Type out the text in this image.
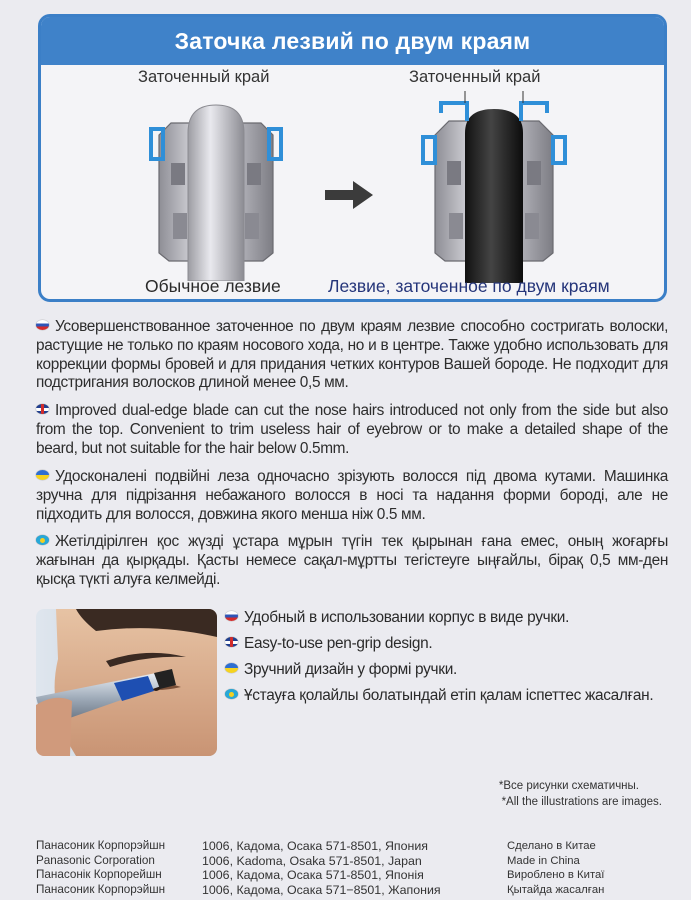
Заточка лезвий по двум краям
Заточенный край	Заточенный край
Обычное лезвие	Лезвие, заточенное по двум краям

Усовершенствованное заточенное по двум краям лезвие способно состригать волоски, растущие не только по краям носового хода, но и в центре. Также удобно использовать для коррекции формы бровей и для придания четких контуров Вашей бороде. Не подходит для подстригания волосков длиной менее 0,5 мм.

Improved dual-edge blade can cut the nose hairs introduced not only from the side but also from the top. Convenient to trim useless hair of eyebrow or to make a detailed shape of the beard, but not suitable for the hair below 0.5mm.

Удосконалені подвійні леза одночасно зрізують волосся під двома кутами. Машинка зручна для підрізання небажаного волосся в носі та надання форми бороді, але не підходить для волосся, довжина якого менша ніж 0.5 мм.

Жетілдірілген қос жүзді ұстара мұрын түгін тек қырынан ғана емес, оның жоғарғы жағынан да қырқады. Қасты немесе сақал-мұртты тегістеуге ыңғайлы, бірақ 0,5 мм-ден қысқа түкті алуға келмейді.

Удобный в использовании корпус в виде ручки.
Easy-to-use pen-grip design.
Зручний дизайн у формі ручки.
Ұстауға қолайлы болатындай етіп қалам іспеттес жасалған.
*Все рисунки схематичны.
*All the illustrations are images.
Панасоник Корпорэйшн
Panasonic Corporation
Панасонік Корпорейшн
Панасоник Корпорэйшн
1006, Кадома, Осака 571-8501, Япония
1006, Kadoma, Osaka 571-8501, Japan
1006, Кадома, Осака 571-8501, Японія
1006, Кадома, Осака 571−8501, Жапония
Сделано в Китае
Made in China
Вироблено в Китаї
Қытайда жасалған
